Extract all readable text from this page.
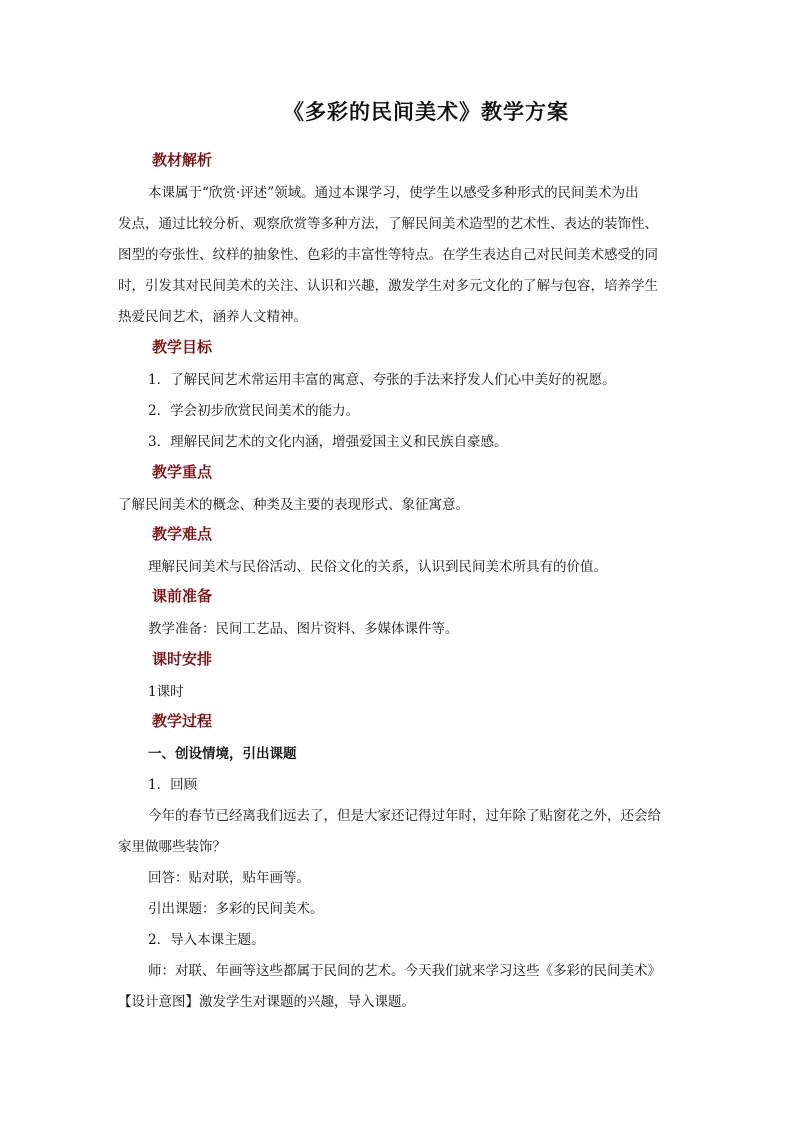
《多彩的民间美术》教学方案
教材解析
本课属于“欣赏·评述”领域。通过本课学习，使学生以感受多种形式的民间美术为出
发点，通过比较分析、观察欣赏等多种方法，了解民间美术造型的艺术性、表达的装饰性、
图型的夸张性、纹样的抽象性、色彩的丰富性等特点。在学生表达自己对民间美术感受的同
时，引发其对民间美术的关注、认识和兴趣，激发学生对多元文化的了解与包容，培养学生
热爱民间艺术，涵养人文精神。
教学目标
1．了解民间艺术常运用丰富的寓意、夸张的手法来抒发人们心中美好的祝愿。
2．学会初步欣赏民间美术的能力。
3．理解民间艺术的文化内涵，增强爱国主义和民族自豪感。
教学重点
了解民间美术的概念、种类及主要的表现形式、象征寓意。
教学难点
理解民间美术与民俗活动、民俗文化的关系，认识到民间美术所具有的价值。
课前准备
教学准备：民间工艺品、图片资料、多媒体课件等。
课时安排
1课时
教学过程
一、创设情境，引出课题
1．回顾
今年的春节已经离我们远去了，但是大家还记得过年时，过年除了贴窗花之外，还会给
家里做哪些装饰？
回答：贴对联，贴年画等。
引出课题：多彩的民间美术。
2．导入本课主题。
师：对联、年画等这些都属于民间的艺术。今天我们就来学习这些《多彩的民间美术》
【设计意图】激发学生对课题的兴趣，导入课题。
